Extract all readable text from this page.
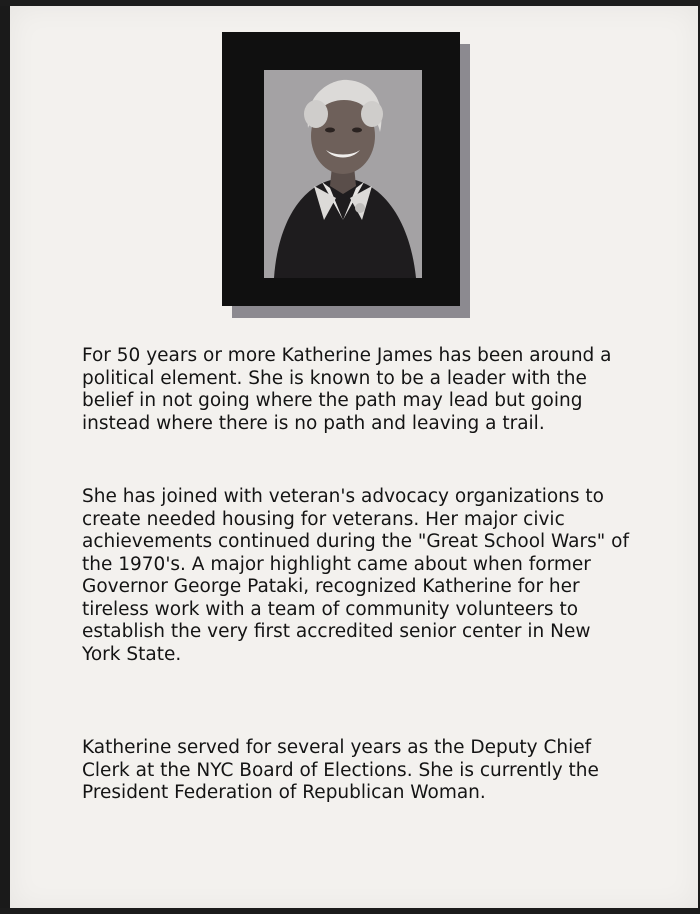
For 50 years or more Katherine James has been around a
political element. She is known to be a leader with the
belief in not going where the path may lead but going
instead where there is no path and leaving a trail.
She has joined with veteran's advocacy organizations to
create needed housing for veterans. Her major civic
achievements continued during the "Great School Wars" of
the 1970's. A major highlight came about when former
Governor George Pataki, recognized Katherine for her
tireless work with a team of community volunteers to
establish the very first accredited senior center in New
York State.
Katherine served for several years as the Deputy Chief
Clerk at the NYC Board of Elections. She is currently the
President Federation of Republican Woman.
